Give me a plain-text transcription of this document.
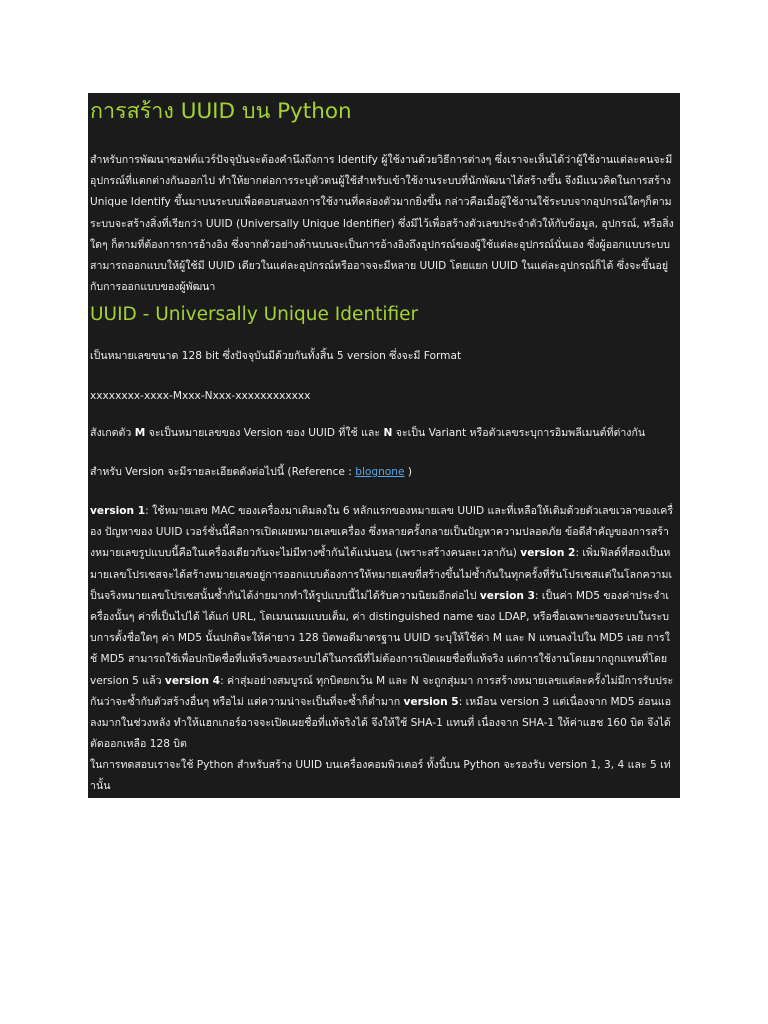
การสร้าง UUID บน Python

สำหรับการพัฒนาซอฟต์แวร์ปัจจุบันจะต้องคำนึงถึงการ Identify ผู้ใช้งานด้วยวิธีการต่างๆ ซึ่งเราจะเห็นได้ว่าผู้ใช้งานแต่ละคนจะมีอุปกรณ์ที่แตกต่างกันออกไป ทำให้ยากต่อการระบุตัวตนผู้ใช้สำหรับเข้าใช้งานระบบที่นักพัฒนาได้สร้างขึ้น จึงมีแนวคิดในการสร้าง Unique Identify ขึ้นมาบนระบบเพื่อตอบสนองการใช้งานที่คล่องตัวมากยิ่งขึ้น กล่าวคือเมื่อผู้ใช้งานใช้ระบบจากอุปกรณ์ใดๆก็ตามระบบจะสร้างสิ่งที่เรียกว่า UUID (Universally Unique Identifier) ซึ่งมีไว้เพื่อสร้างตัวเลขประจำตัวให้กับข้อมูล, อุปกรณ์, หรือสิ่งใดๆ ก็ตามที่ต้องการการอ้างอิง ซึ่งจากตัวอย่างด้านบนจะเป็นการอ้างอิงถึงอุปกรณ์ของผู้ใช้แต่ละอุปกรณ์นั่นเอง ซึ่งผู้ออกแบบระบบสามารถออกแบบให้ผู้ใช้มี UUID เดียวในแต่ละอุปกรณ์หรืออาจจะมีหลาย UUID โดยแยก UUID ในแต่ละอุปกรณ์ก็ได้ ซึ่งจะขึ้นอยู่กับการออกแบบของผู้พัฒนา

UUID - Universally Unique Identifier

เป็นหมายเลขขนาด 128 bit ซึ่งปัจจุบันมีด้วยกันทั้งสิ้น 5 version ซึ่งจะมี Format

xxxxxxxx-xxxx-Mxxx-Nxxx-xxxxxxxxxxxx

สังเกตตัว M จะเป็นหมายเลขของ Version ของ UUID ที่ใช้ และ N จะเป็น Variant หรือตัวเลขระบุการอิมพลีเมนต์ที่ต่างกัน

สำหรับ Version จะมีรายละเอียดดังต่อไปนี้ (Reference : blognone )

version 1: ใช้หมายเลข MAC ของเครื่องมาเติมลงใน 6 หลักแรกของหมายเลข UUID และที่เหลือให้เติมด้วยตัวเลขเวลาของเครื่อง ปัญหาของ UUID เวอร์ชั่นนี้คือการเปิดเผยหมายเลขเครื่อง ซึ่งหลายครั้งกลายเป็นปัญหาความปลอดภัย ข้อดีสำคัญของการสร้างหมายเลขรูปแบบนี้คือในเครื่องเดียวกันจะไม่มีทางซ้ำกันได้แน่นอน (เพราะสร้างคนละเวลากัน) version 2: เพิ่มฟิลด์ที่สองเป็นหมายเลขโปรเซสจะได้สร้างหมายเลขอยู่การออกแบบต้องการให้หมายเลขที่สร้างขึ้นไม่ซ้ำกันในทุกครั้งที่รันโปรเซสแต่ในโลกความเป็นจริงหมายเลขโปรเซสนั้นซ้ำกันได้ง่ายมากทำให้รูปแบบนี้ไม่ได้รับความนิยมอีกต่อไป version 3: เป็นค่า MD5 ของค่าประจำเครื่องนั้นๆ ค่าที่เป็นไปได้ ได้แก่ URL, โดเมนเนมแบบเต็ม, ค่า distinguished name ของ LDAP, หรือชื่อเฉพาะของระบบในระบบการตั้งชื่อใดๆ ค่า MD5 นั้นปกติจะให้ค่ายาว 128 บิตพอดีมาตรฐาน UUID ระบุให้ใช้ค่า M และ N แทนลงไปใน MD5 เลย การใช้ MD5 สามารถใช้เพื่อปกปิดชื่อที่แท้จริงของระบบได้ในกรณีที่ไม่ต้องการเปิดเผยชื่อที่แท้จริง แต่การใช้งานโดยมากถูกแทนที่โดย version 5 แล้ว version 4: ค่าสุ่มอย่างสมบูรณ์ ทุกบิตยกเว้น M และ N จะถูกสุ่มมา การสร้างหมายเลขแต่ละครั้งไม่มีการรับประกันว่าจะซ้ำกับตัวสร้างอื่นๆ หรือไม่ แต่ความน่าจะเป็นที่จะซ้ำก็ต่ำมาก version 5: เหมือน version 3 แต่เนื่องจาก MD5 อ่อนแอลงมากในช่วงหลัง ทำให้แฮกเกอร์อาจจะเปิดเผยชื่อที่แท้จริงได้ จึงให้ใช้ SHA-1 แทนที่ เนื่องจาก SHA-1 ให้ค่าแฮช 160 บิต จึงได้ตัดออกเหลือ 128 บิต

ในการทดสอบเราจะใช้ Python สำหรับสร้าง UUID บนเครื่องคอมพิวเตอร์ ทั้งนี้บน Python จะรองรับ version 1, 3, 4 และ 5 เท่านั้น
